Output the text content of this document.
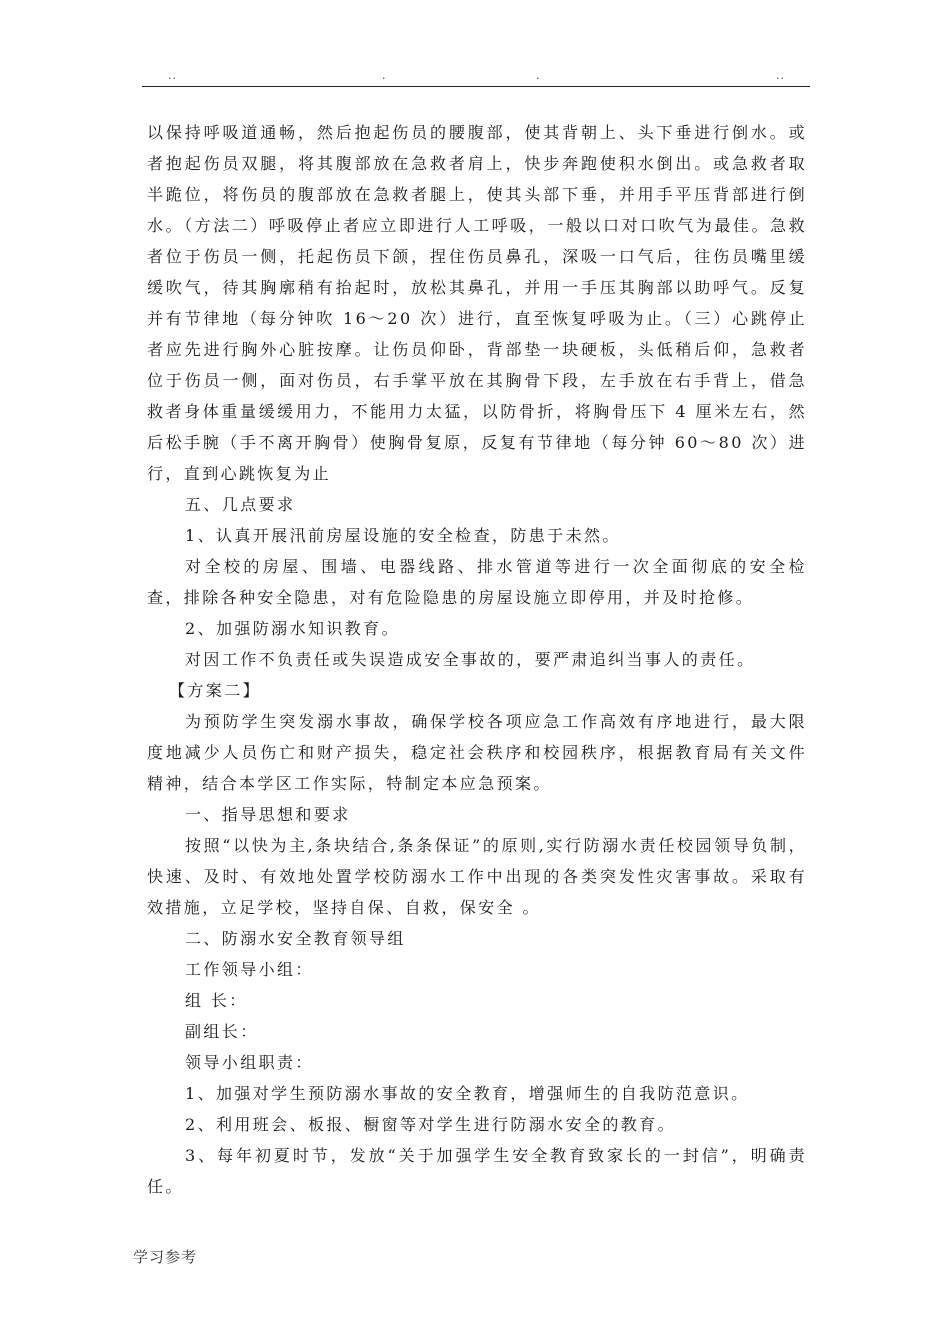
..	.	.	..

以保持呼吸道通畅，然后抱起伤员的腰腹部，使其背朝上、头下垂进行倒水。或者抱起伤员双腿，将其腹部放在急救者肩上，快步奔跑使积水倒出。或急救者取半跪位，将伤员的腹部放在急救者腿上，使其头部下垂，并用手平压背部进行倒水。（方法二）呼吸停止者应立即进行人工呼吸，一般以口对口吹气为最佳。急救者位于伤员一侧，托起伤员下颌，捏住伤员鼻孔，深吸一口气后，往伤员嘴里缓缓吹气，待其胸廓稍有抬起时，放松其鼻孔，并用一手压其胸部以助呼气。反复并有节律地（每分钟吹 16～20 次）进行，直至恢复呼吸为止。（三）心跳停止者应先进行胸外心脏按摩。让伤员仰卧，背部垫一块硬板，头低稍后仰，急救者位于伤员一侧，面对伤员，右手掌平放在其胸骨下段，左手放在右手背上，借急救者身体重量缓缓用力，不能用力太猛，以防骨折，将胸骨压下 4 厘米左右，然后松手腕（手不离开胸骨）使胸骨复原，反复有节律地（每分钟 60～80 次）进行，直到心跳恢复为止

五、几点要求

1、认真开展汛前房屋设施的安全检查，防患于未然。

对全校的房屋、围墙、电器线路、排水管道等进行一次全面彻底的安全检查，排除各种安全隐患，对有危险隐患的房屋设施立即停用，并及时抢修。

2、加强防溺水知识教育。

对因工作不负责任或失误造成安全事故的，要严肃追纠当事人的责任。

【方案二】

为预防学生突发溺水事故，确保学校各项应急工作高效有序地进行，最大限度地减少人员伤亡和财产损失，稳定社会秩序和校园秩序，根据教育局有关文件精神，结合本学区工作实际，特制定本应急预案。

一、指导思想和要求

按照“以快为主,条块结合,条条保证”的原则,实行防溺水责任校园领导负制，快速、及时、有效地处置学校防溺水工作中出现的各类突发性灾害事故。采取有效措施，立足学校，坚持自保、自救，保安全 。

二、防溺水安全教育领导组

工作领导小组：

组 长：

副组长：

领导小组职责：

1、加强对学生预防溺水事故的安全教育，增强师生的自我防范意识。

2、利用班会、板报、橱窗等对学生进行防溺水安全的教育。

3、每年初夏时节，发放“关于加强学生安全教育致家长的一封信”，明确责任。

学习参考
